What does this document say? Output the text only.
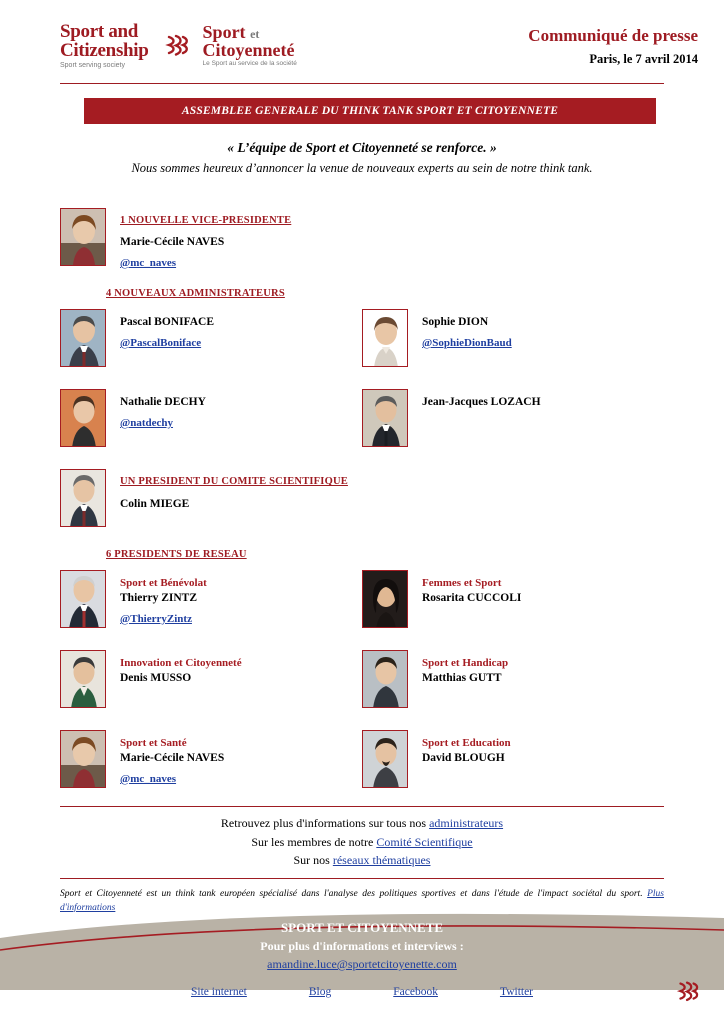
Sport and
Citizenship
Sport serving society
Sport et
Citoyenneté
Le Sport au service de la société
Communiqué de presse
Paris, le 7 avril 2014
ASSEMBLEE GENERALE DU THINK TANK SPORT ET CITOYENNETE
« L’équipe de Sport et Citoyenneté se renforce. »
Nous sommes heureux d’annoncer la venue de nouveaux experts au sein de notre think tank.
1 NOUVELLE VICE-PRESIDENTE
Marie-Cécile NAVES
@mc_naves
4 NOUVEAUX ADMINISTRATEURS
Pascal BONIFACE
@PascalBoniface
Sophie DION
@SophieDionBaud
Nathalie DECHY
@natdechy
Jean-Jacques LOZACH
UN PRESIDENT DU COMITE SCIENTIFIQUE
Colin MIEGE
6 PRESIDENTS DE RESEAU
Sport et Bénévolat
Thierry ZINTZ
@ThierryZintz
Femmes et Sport
Rosarita CUCCOLI
Innovation et Citoyenneté
Denis MUSSO
Sport et Handicap
Matthias GUTT
Sport et Santé
Marie-Cécile NAVES
@mc_naves
Sport et Education
David BLOUGH
Retrouvez plus d'informations sur tous nos administrateurs
Sur les membres de notre Comité Scientifique
Sur nos réseaux thématiques
Sport et Citoyenneté est un think tank européen spécialisé dans l'analyse des politiques sportives et dans l'étude de l'impact sociétal du sport. Plus d'informations
SPORT ET CITOYENNETE
Pour plus d'informations et interviews :
amandine.luce@sportetcitoyenette.com
Site internet	Blog	Facebook	Twitter
